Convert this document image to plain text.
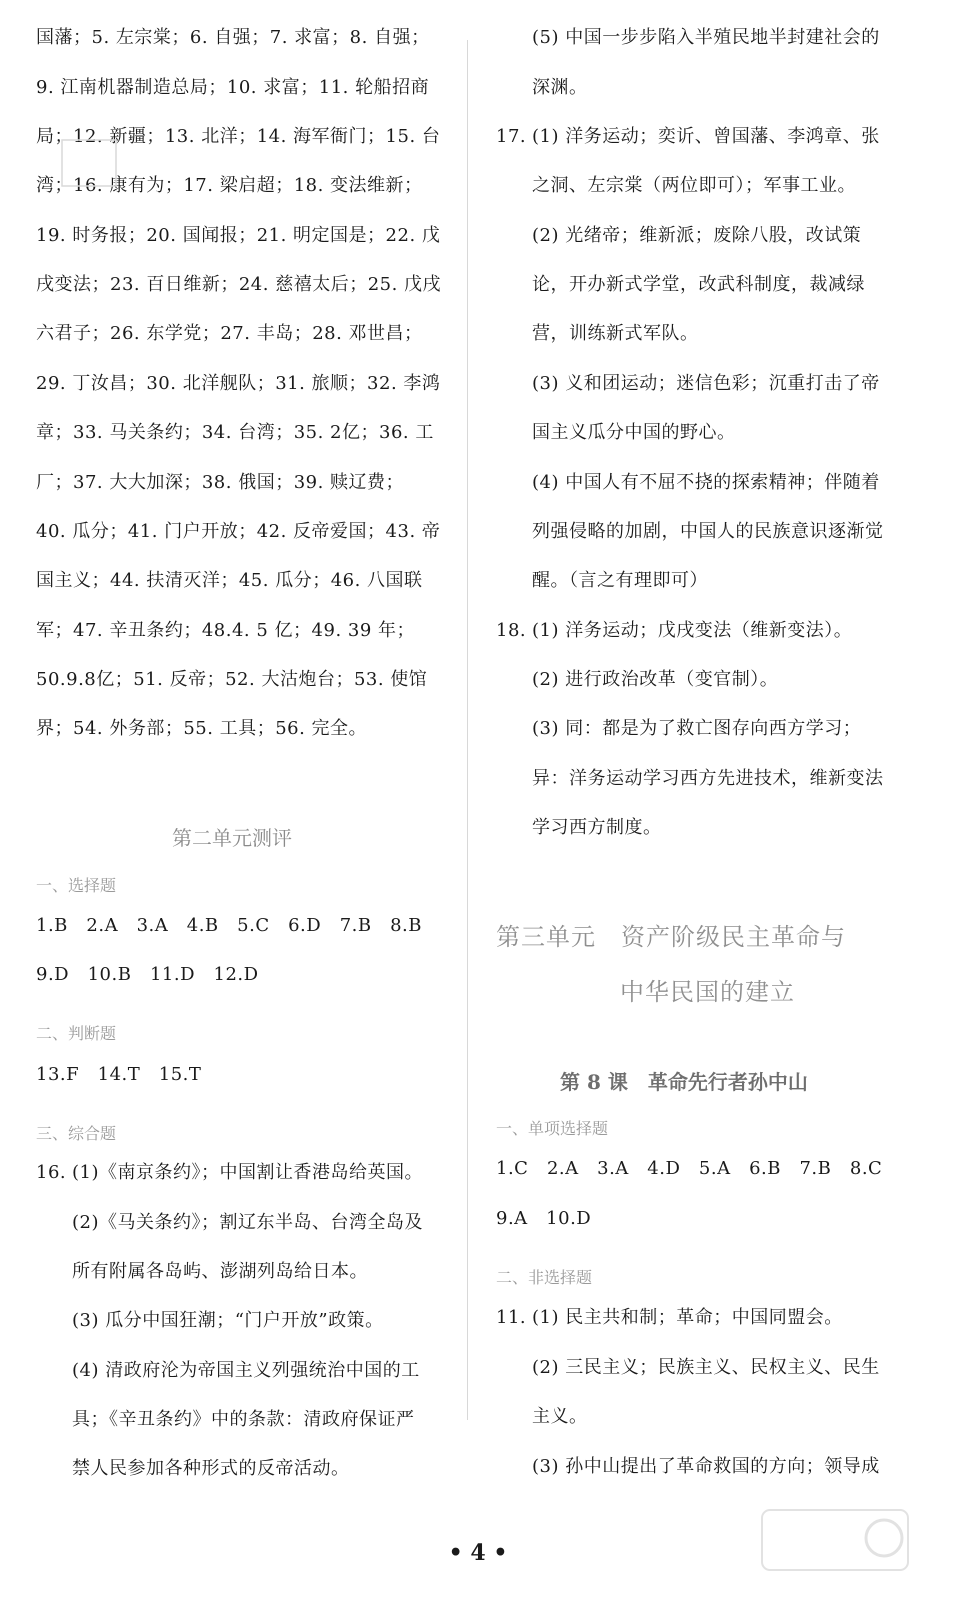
国藩；5. 左宗棠；6. 自强；7. 求富；8. 自强；
9. 江南机器制造总局；10. 求富；11. 轮船招商
局；12. 新疆；13. 北洋；14. 海军衙门；15. 台
湾；16. 康有为；17. 梁启超；18. 变法维新；
19. 时务报；20. 国闻报；21. 明定国是；22. 戊
戌变法；23. 百日维新；24. 慈禧太后；25. 戊戌
六君子；26. 东学党；27. 丰岛；28. 邓世昌；
29. 丁汝昌；30. 北洋舰队；31. 旅顺；32. 李鸿
章；33. 马关条约；34. 台湾；35. 2亿；36. 工
厂；37. 大大加深；38. 俄国；39. 赎辽费；
40. 瓜分；41. 门户开放；42. 反帝爱国；43. 帝
国主义；44. 扶清灭洋；45. 瓜分；46. 八国联
军；47. 辛丑条约；48.4. 5 亿；49. 39 年；
50.9.8亿；51. 反帝；52. 大沽炮台；53. 使馆
界；54. 外务部；55. 工具；56. 完全。
第二单元测评
一、选择题
1.B　2.A　3.A　4.B　5.C　6.D　7.B　8.B
9.D　10.B　11.D　12.D
二、判断题
13.F　14.T　15.T
三、综合题
16. (1)《南京条约》；中国割让香港岛给英国。
(2)《马关条约》；割辽东半岛、台湾全岛及
所有附属各岛屿、澎湖列岛给日本。
(3) 瓜分中国狂潮；“门户开放”政策。
(4) 清政府沦为帝国主义列强统治中国的工
具；《辛丑条约》中的条款：清政府保证严
禁人民参加各种形式的反帝活动。
(5) 中国一步步陷入半殖民地半封建社会的
深渊。
17. (1) 洋务运动；奕䜣、曾国藩、李鸿章、张
之洞、左宗棠（两位即可）；军事工业。
(2) 光绪帝；维新派；废除八股，改试策
论，开办新式学堂，改武科制度，裁减绿
营，训练新式军队。
(3) 义和团运动；迷信色彩；沉重打击了帝
国主义瓜分中国的野心。
(4) 中国人有不屈不挠的探索精神；伴随着
列强侵略的加剧，中国人的民族意识逐渐觉
醒。（言之有理即可）
18. (1) 洋务运动；戊戌变法（维新变法）。
(2) 进行政治改革（变官制）。
(3) 同：都是为了救亡图存向西方学习；
异：洋务运动学习西方先进技术，维新变法
学习西方制度。
第三单元　资产阶级民主革命与
中华民国的建立
第 8 课　革命先行者孙中山
一、单项选择题
1.C　2.A　3.A　4.D　5.A　6.B　7.B　8.C
9.A　10.D
二、非选择题
11. (1) 民主共和制；革命；中国同盟会。
(2) 三民主义；民族主义、民权主义、民生
主义。
(3) 孙中山提出了革命救国的方向；领导成
• 4 •
